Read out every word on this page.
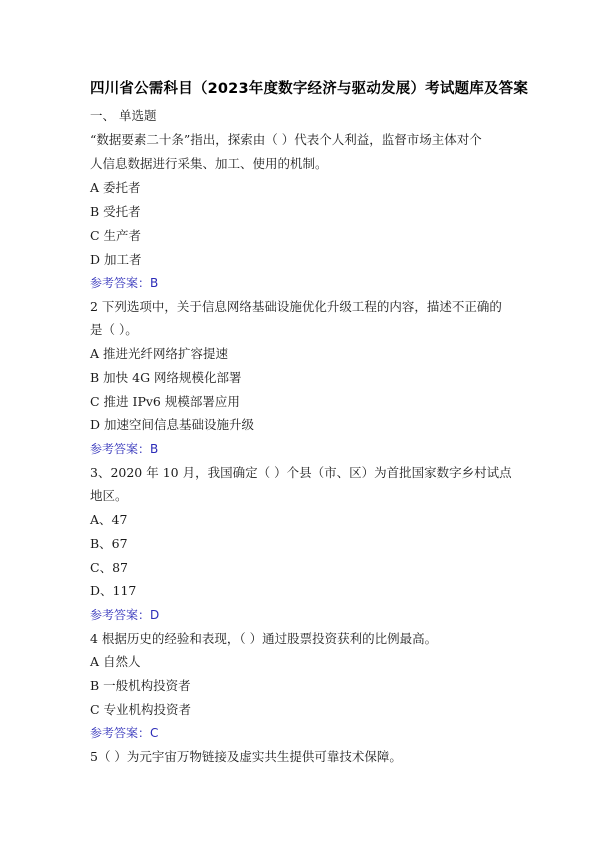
四川省公需科目（2023年度数字经济与驱动发展）考试题库及答案
一、 单选题
“数据要素二十条”指出，探索由（ ）代表个人利益，监督市场主体对个
人信息数据进行采集、加工、使用的机制。
A 委托者
B 受托者
C 生产者
D 加工者
参考答案：B
2 下列选项中，关于信息网络基础设施优化升级工程的内容，描述不正确的
是（ ）。
A 推进光纤网络扩容提速
B 加快 4G 网络规模化部署
C 推进 IPv6 规模部署应用
D 加速空间信息基础设施升级
参考答案：B
3、2020 年 10 月，我国确定（ ）个县（市、区）为首批国家数字乡村试点
地区。
A、47
B、67
C、87
D、117
参考答案：D
4 根据历史的经验和表现，（ ）通过股票投资获利的比例最高。
A 自然人
B 一般机构投资者
C 专业机构投资者
参考答案：C
5（ ）为元宇宙万物链接及虚实共生提供可靠技术保障。
